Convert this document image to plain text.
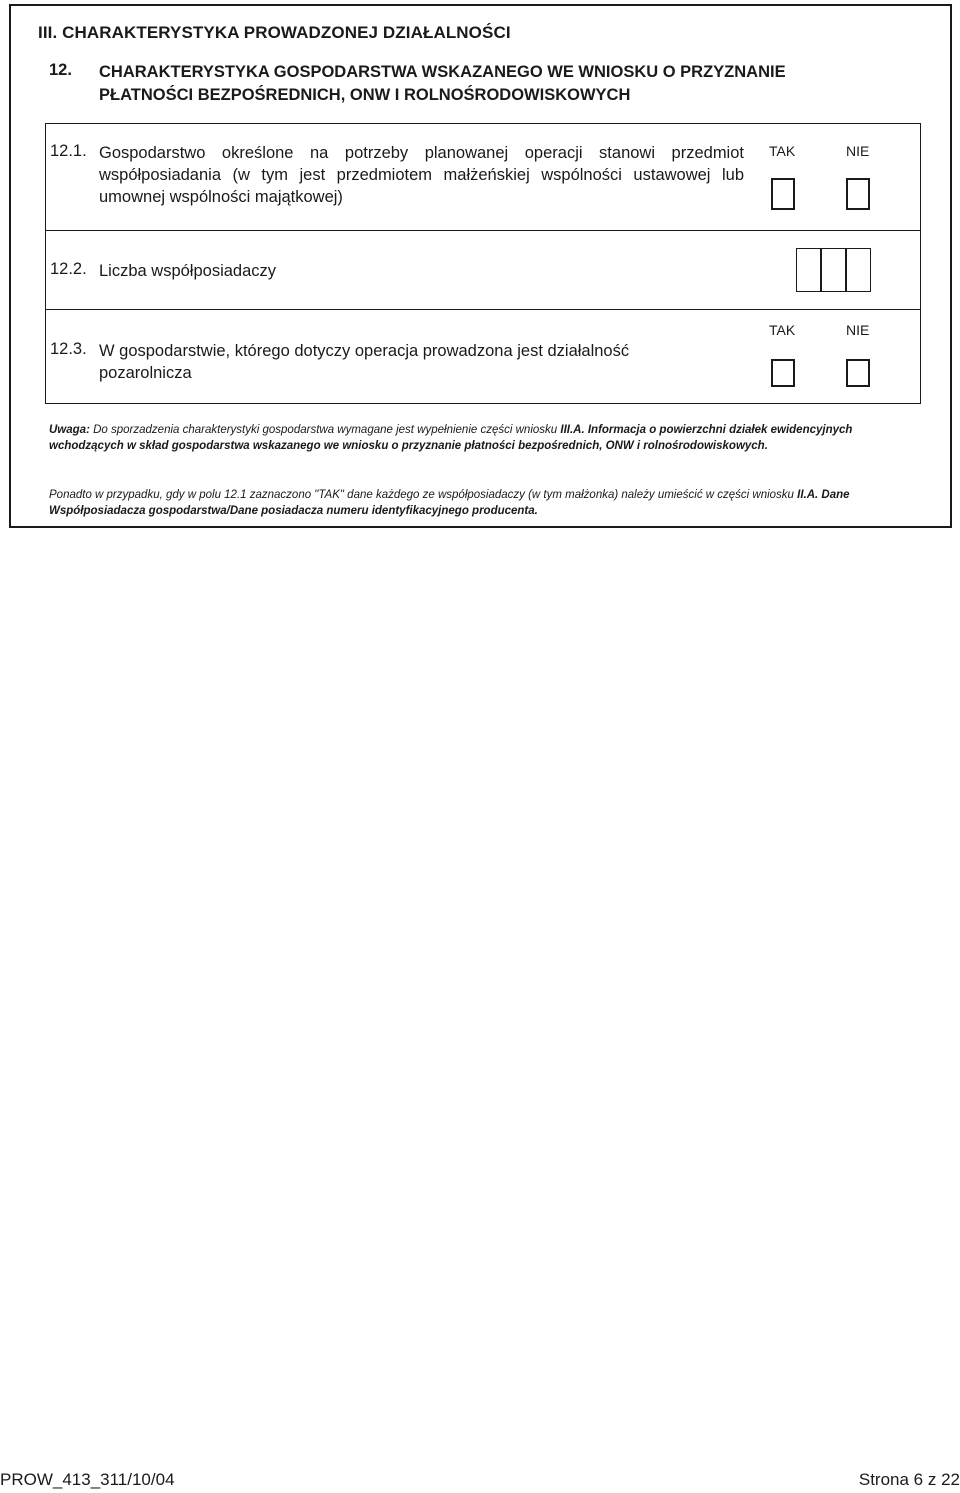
III. CHARAKTERYSTYKA PROWADZONEJ DZIAŁALNOŚCI
12. CHARAKTERYSTYKA GOSPODARSTWA WSKAZANEGO WE WNIOSKU O PRZYZNANIE PŁATNOŚCI BEZPOŚREDNICH, ONW I ROLNOŚRODOWISKOWYCH
12.1. Gospodarstwo określone na potrzeby planowanej operacji stanowi przedmiot współposiadania (w tym jest przedmiotem małżeńskiej wspólności ustawowej lub umownej wspólności majątkowej)
TAK	NIE
12.2. Liczba współposiadaczy
12.3. W gospodarstwie, którego dotyczy operacja prowadzona jest działalność pozarolnicza
TAK	NIE
Uwaga: Do sporzadzenia charakterystyki gospodarstwa wymagane jest wypełnienie części wniosku III.A. Informacja o powierzchni działek ewidencyjnych wchodzących w skład gospodarstwa wskazanego we wniosku o przyznanie płatności bezpośrednich, ONW i rolnośrodowiskowych.
Ponadto w przypadku, gdy w polu 12.1 zaznaczono "TAK" dane każdego ze współposiadaczy (w tym małżonka) należy umieścić w części wniosku II.A. Dane Współposiadacza gospodarstwa/Dane posiadacza numeru identyfikacyjnego producenta.
PROW_413_311/10/04	Strona 6 z 22
